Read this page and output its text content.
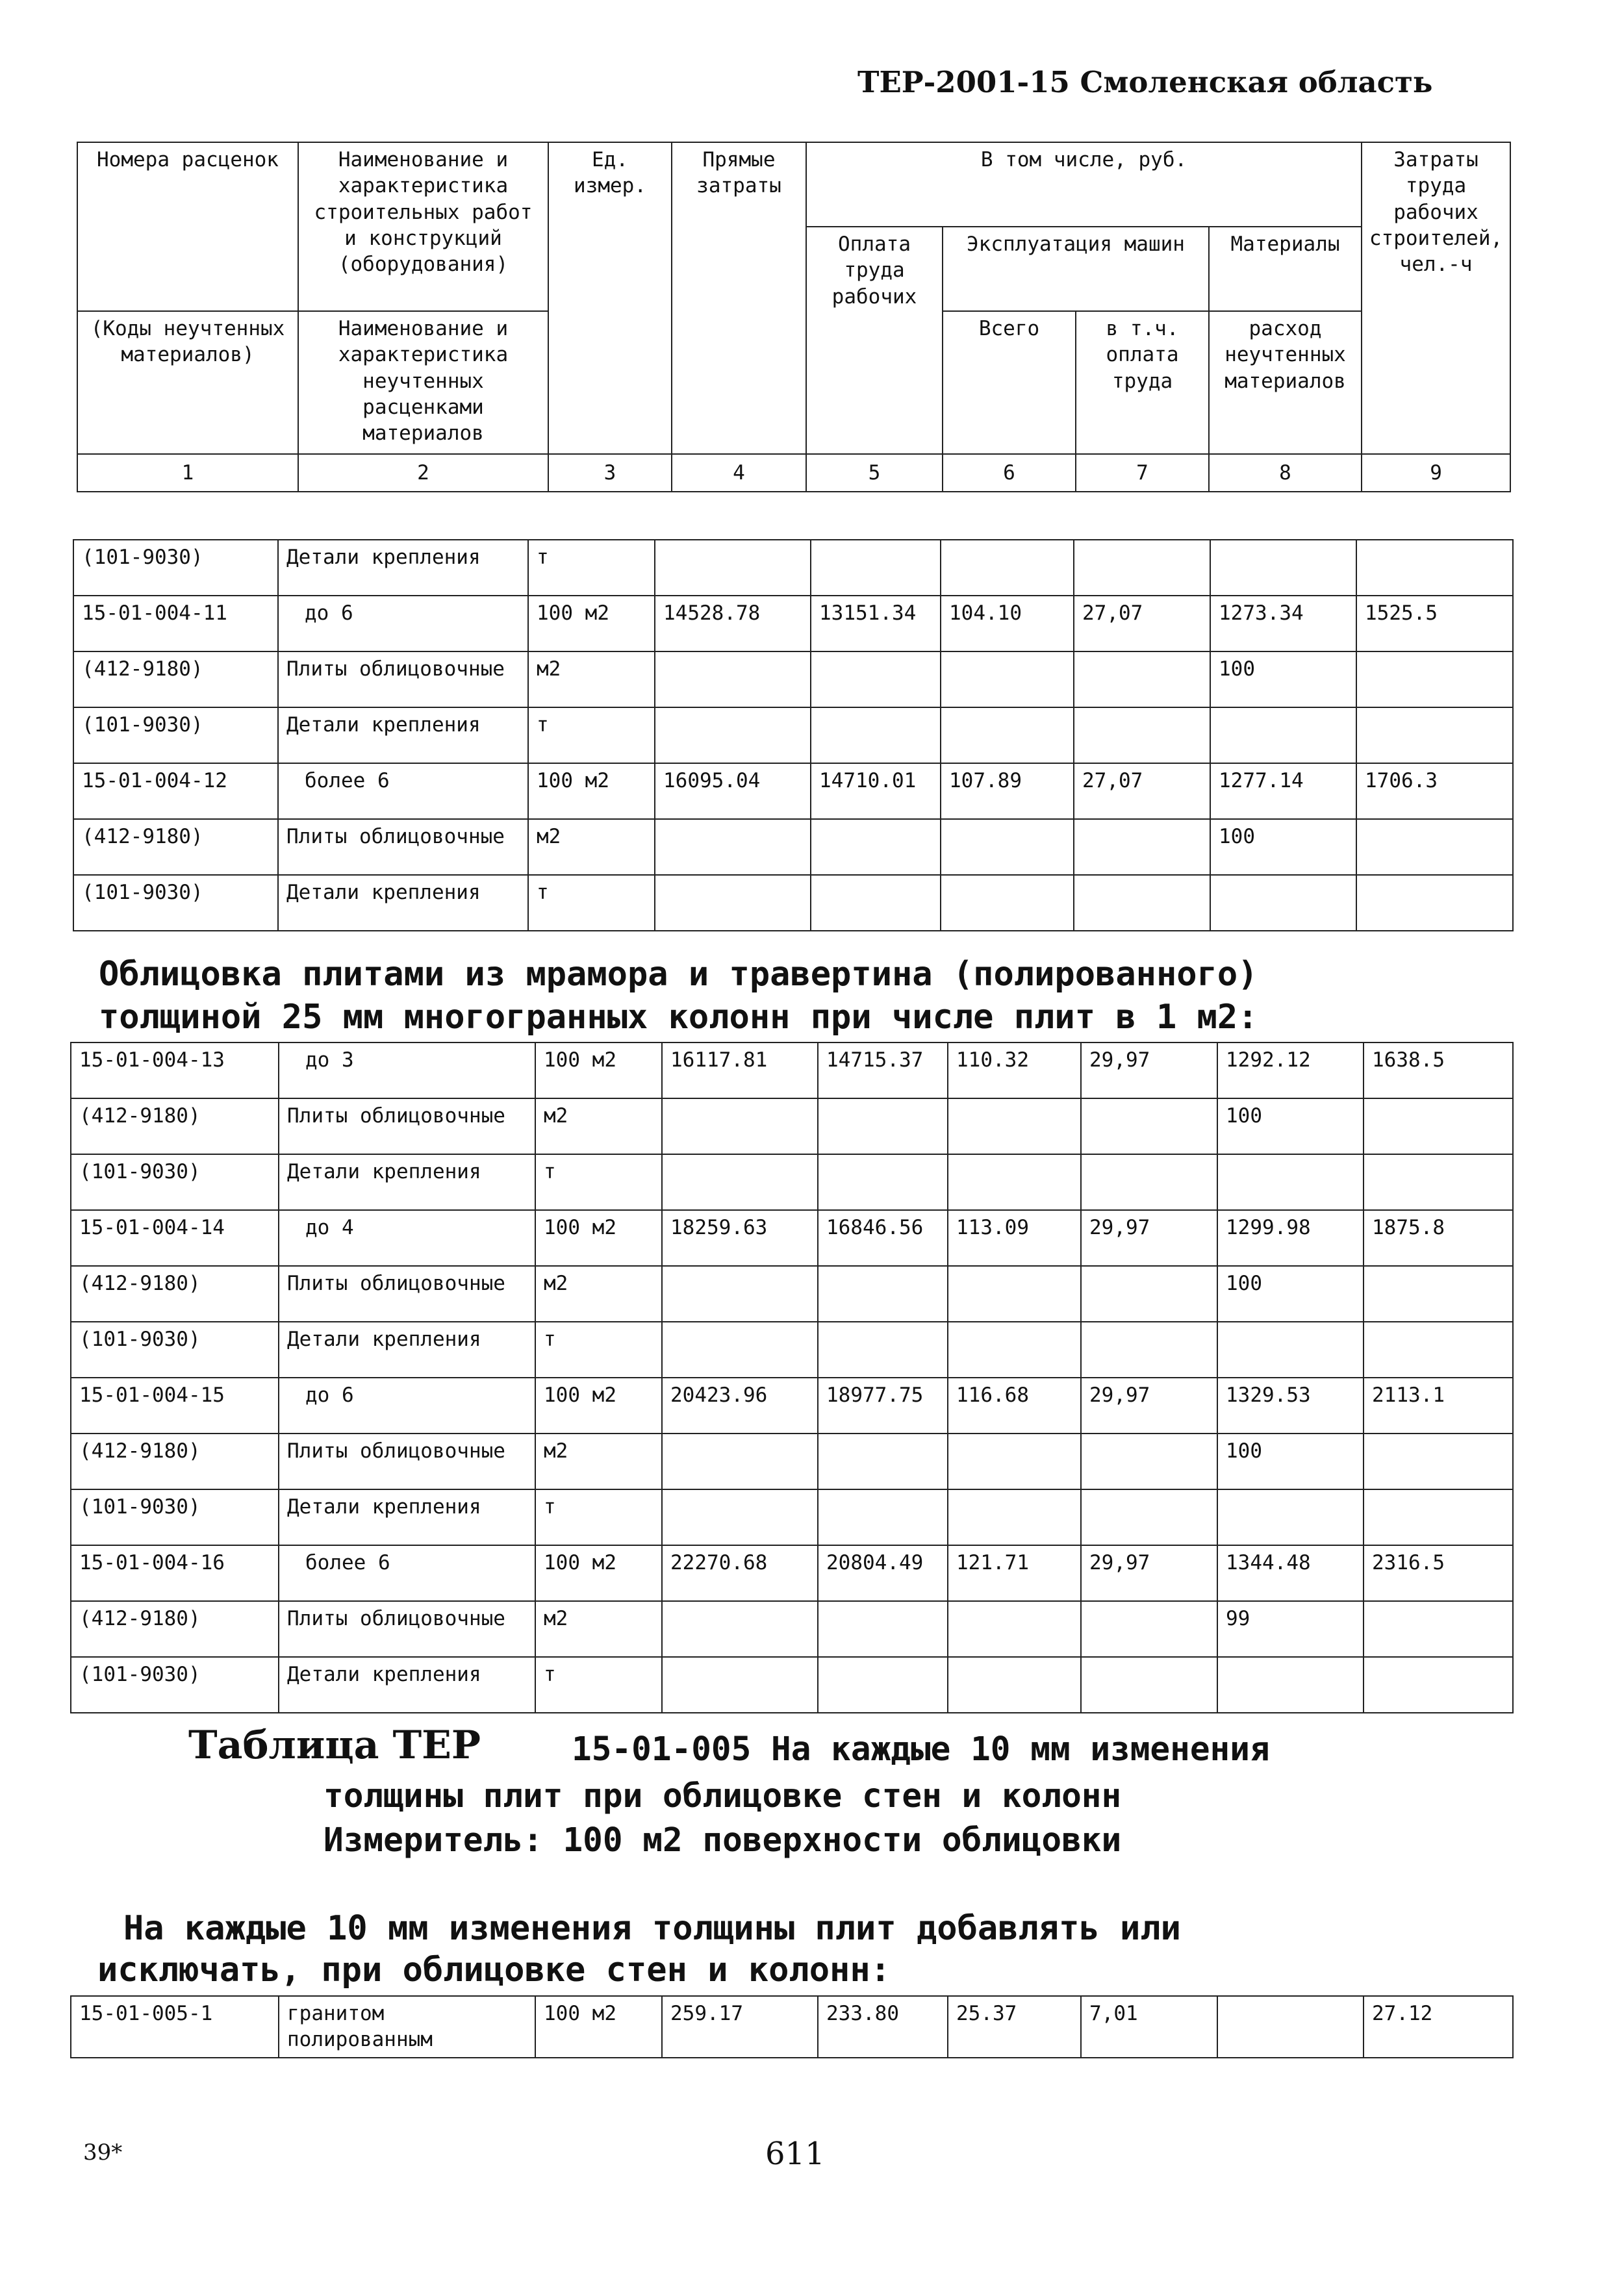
ТЕР-2001-15 Смоленская область
Номера расценок	Наименование и характеристика строительных работ и конструкций (оборудования)	Ед. измер.	Прямые затраты	В том числе, руб.				Затраты труда рабочих строителей, чел.-ч
				Оплата труда рабочих	Эксплуатация машин		Материалы	
(Коды неучтенных материалов)	Наименование и характеристика неучтенных расценками материалов				Всего	в т.ч. оплата труда	расход неучтенных материалов	
1	2	3	4	5	6	7	8	9
(101-9030)	Детали крепления	т						
15-01-004-11	до 6	100 м2	14528.78	13151.34	104.10	27,07	1273.34	1525.5
(412-9180)	Плиты облицовочные	м2					100	
(101-9030)	Детали крепления	т						
15-01-004-12	более 6	100 м2	16095.04	14710.01	107.89	27,07	1277.14	1706.3
(412-9180)	Плиты облицовочные	м2					100	
(101-9030)	Детали крепления	т						
Облицовка плитами из мрамора и травертина (полированного)
толщиной 25 мм многогранных колонн при числе плит в 1 м2:
15-01-004-13	до 3	100 м2	16117.81	14715.37	110.32	29,97	1292.12	1638.5
(412-9180)	Плиты облицовочные	м2					100	
(101-9030)	Детали крепления	т						
15-01-004-14	до 4	100 м2	18259.63	16846.56	113.09	29,97	1299.98	1875.8
(412-9180)	Плиты облицовочные	м2					100	
(101-9030)	Детали крепления	т						
15-01-004-15	до 6	100 м2	20423.96	18977.75	116.68	29,97	1329.53	2113.1
(412-9180)	Плиты облицовочные	м2					100	
(101-9030)	Детали крепления	т						
15-01-004-16	более 6	100 м2	22270.68	20804.49	121.71	29,97	1344.48	2316.5
(412-9180)	Плиты облицовочные	м2					99	
(101-9030)	Детали крепления	т						
Таблица ТЕР	15-01-005 На каждые 10 мм изменения
толщины плит при облицовке стен и колонн
Измеритель: 100 м2 поверхности облицовки
На каждые 10 мм изменения толщины плит добавлять или
исключать, при облицовке стен и колонн:
15-01-005-1	гранитом полированным	100 м2	259.17	233.80	25.37	7,01		27.12
39*	611
